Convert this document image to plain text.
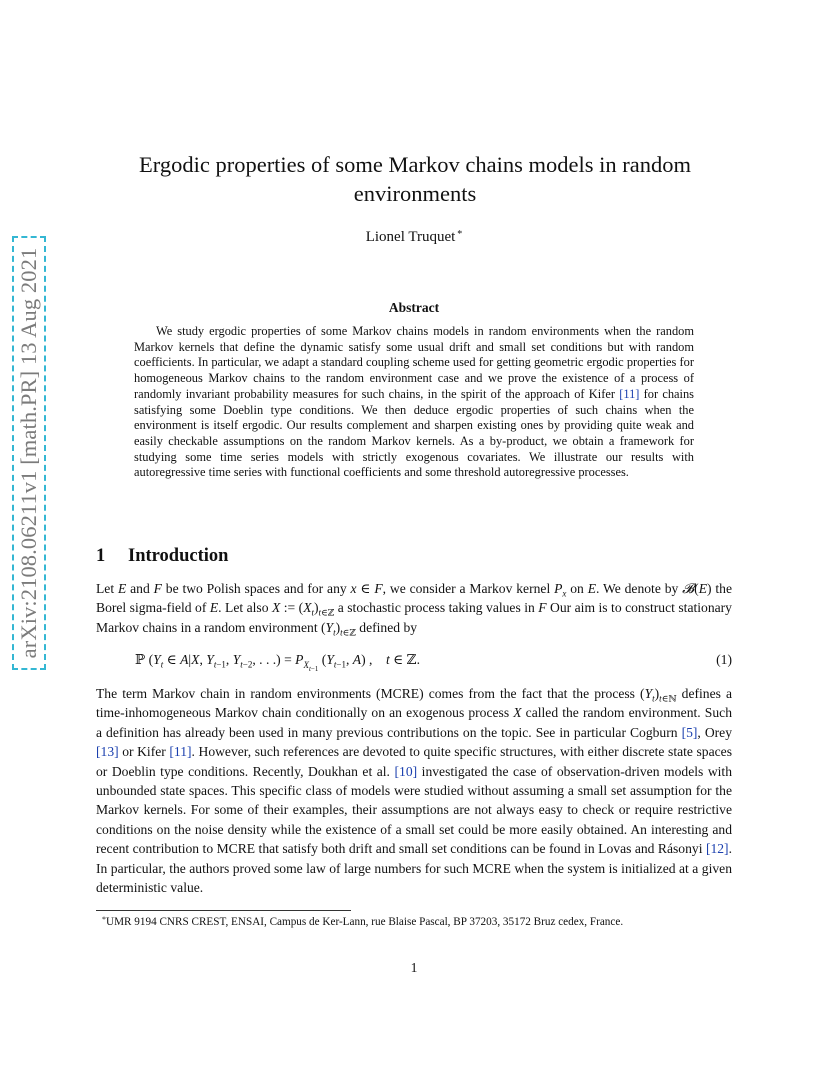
arXiv:2108.06211v1 [math.PR] 13 Aug 2021
Ergodic properties of some Markov chains models in random environments
Lionel Truquet *
Abstract
We study ergodic properties of some Markov chains models in random environments when the random Markov kernels that define the dynamic satisfy some usual drift and small set conditions but with random coefficients. In particular, we adapt a standard coupling scheme used for getting geometric ergodic properties for homogeneous Markov chains to the random environment case and we prove the existence of a process of randomly invariant probability measures for such chains, in the spirit of the approach of Kifer [11] for chains satisfying some Doeblin type conditions. We then deduce ergodic properties of such chains when the environment is itself ergodic. Our results complement and sharpen existing ones by providing quite weak and easily checkable assumptions on the random Markov kernels. As a by-product, we obtain a framework for studying some time series models with strictly exogenous covariates. We illustrate our results with autoregressive time series with functional coefficients and some threshold autoregressive processes.
1 Introduction
Let E and F be two Polish spaces and for any x ∈ F, we consider a Markov kernel $P_x$ on E. We denote by 𝓑(E) the Borel sigma-field of E. Let also X := $(X_t)_{t\in ℤ}$ a stochastic process taking values in F Our aim is to construct stationary Markov chains in a random environment $(Y_t)_{t\in ℤ}$ defined by
ℙ ($Y_t$ ∈ A|X, $Y_{t-1}$, $Y_{t-2}$, . . .) = $P_{X_{t-1}}$ ($Y_{t-1}$, A) ,    t ∈ ℤ.	(1)
The term Markov chain in random environments (MCRE) comes from the fact that the process $(Y_t)_{t\in ℕ}$ defines a time-inhomogeneous Markov chain conditionally on an exogenous process X called the random environment. Such a definition has already been used in many previous contributions on the topic. See in particular Cogburn [5], Orey [13] or Kifer [11]. However, such references are devoted to quite specific structures, with either discrete state spaces or Doeblin type conditions. Recently, Doukhan et al. [10] investigated the case of observation-driven models with unbounded state spaces. This specific class of models were studied without assuming a small set assumption for the Markov kernels. For some of their examples, their assumptions are not always easy to check or require restrictive conditions on the noise density while the existence of a small set could be more easily obtained. An interesting and recent contribution to MCRE that satisfy both drift and small set conditions can be found in Lovas and Rásonyi [12]. In particular, the authors proved some law of large numbers for such MCRE when the system is initialized at a given deterministic value.
*UMR 9194 CNRS CREST, ENSAI, Campus de Ker-Lann, rue Blaise Pascal, BP 37203, 35172 Bruz cedex, France.
1
